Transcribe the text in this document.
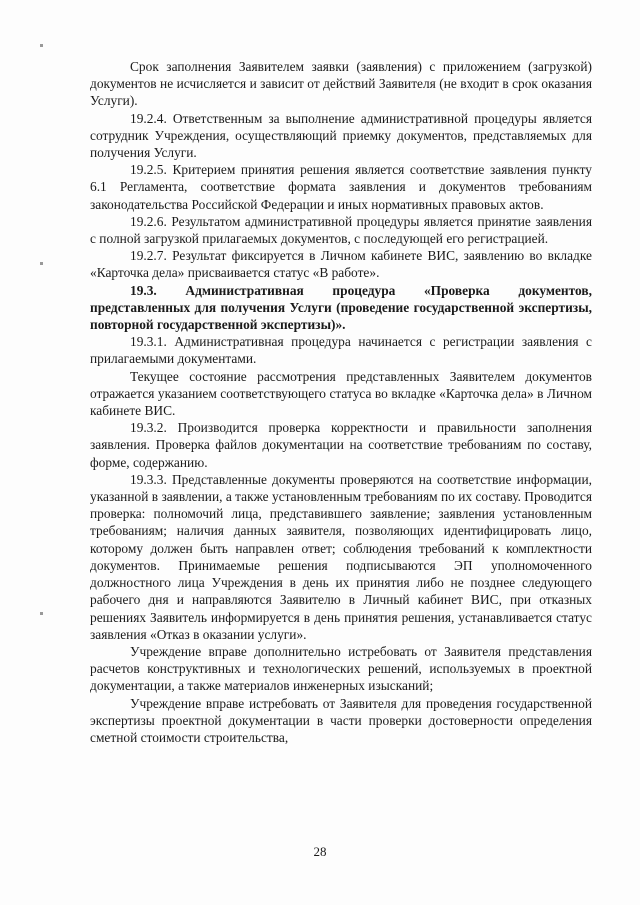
Срок заполнения Заявителем заявки (заявления) с приложением (загрузкой) документов не исчисляется и зависит от действий Заявителя (не входит в срок оказания Услуги).

19.2.4. Ответственным за выполнение административной процедуры является сотрудник Учреждения, осуществляющий приемку документов, представляемых для получения Услуги.

19.2.5. Критерием принятия решения является соответствие заявления пункту 6.1 Регламента, соответствие формата заявления и документов требованиям законодательства Российской Федерации и иных нормативных правовых актов.

19.2.6. Результатом административной процедуры является принятие заявления с полной загрузкой прилагаемых документов, с последующей его регистрацией.

19.2.7. Результат фиксируется в Личном кабинете ВИС, заявлению во вкладке «Карточка дела» присваивается статус «В работе».

19.3. Административная процедура «Проверка документов, представленных для получения Услуги (проведение государственной экспертизы, повторной государственной экспертизы)».

19.3.1. Административная процедура начинается с регистрации заявления с прилагаемыми документами.

Текущее состояние рассмотрения представленных Заявителем документов отражается указанием соответствующего статуса во вкладке «Карточка дела» в Личном кабинете ВИС.

19.3.2. Производится проверка корректности и правильности заполнения заявления. Проверка файлов документации на соответствие требованиям по составу, форме, содержанию.

19.3.3. Представленные документы проверяются на соответствие информации, указанной в заявлении, а также установленным требованиям по их составу. Проводится проверка: полномочий лица, представившего заявление; заявления установленным требованиям; наличия данных заявителя, позволяющих идентифицировать лицо, которому должен быть направлен ответ; соблюдения требований к комплектности документов. Принимаемые решения подписываются ЭП уполномоченного должностного лица Учреждения в день их принятия либо не позднее следующего рабочего дня и направляются Заявителю в Личный кабинет ВИС, при отказных решениях Заявитель информируется в день принятия решения, устанавливается статус заявления «Отказ в оказании услуги».

Учреждение вправе дополнительно истребовать от Заявителя представления расчетов конструктивных и технологических решений, используемых в проектной документации, а также материалов инженерных изысканий;

Учреждение вправе истребовать от Заявителя для проведения государственной экспертизы проектной документации в части проверки достоверности определения сметной стоимости строительства,

28
